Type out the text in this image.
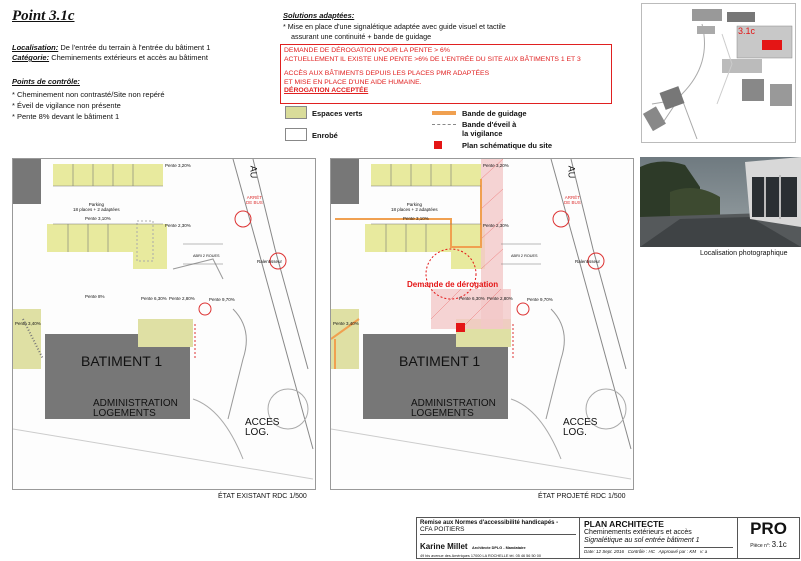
Point 3.1c
Localisation: De l'entrée du terrain à l'entrée du bâtiment 1
Catégorie: Cheminements extérieurs et accès au bâtiment
Points de contrôle:
* Cheminement non contrasté/Site non repéré
* Éveil de vigilance non présente
* Pente 8% devant le bâtiment 1
Solutions adaptées:
* Mise en place d'une signalétique adaptée avec guide visuel et tactile
assurant une continuité + bande de guidage
DEMANDE DE DÉROGATION POUR LA PENTE > 6%
ACTUELLEMENT IL EXISTE UNE PENTE >6% DE L'ENTRÉE DU SITE AUX BÂTIMENTS 1 ET 3
ACCÈS AUX BÂTIMENTS DEPUIS LES PLACES PMR ADAPTÉES
ET MISE EN PLACE D'UNE AIDE HUMAINE.
DÉROGATION ACCEPTÉE
Espaces verts
Enrobé
Bande de guidage
Bande d'éveil à
la vigilance
Plan schématique du site
3.1c
BATIMENT 1
ADMINISTRATION
LOGEMENTS
ACCES
LOG.
Parking
18 places + 2 adaptées
Pente 3,10%
Pente 3,20%
Pente 2,30%
Pente 8%	Pente 6,30% Pente 2,80%	Pente 9,70%
Pente 3,40%
ARRÊT
DE BUS
Ralentisseur
ABRI 2 ROUES
AU
ÉTAT EXISTANT RDC 1/500
Demande de dérogation
BATIMENT 1
ADMINISTRATION
LOGEMENTS
ACCES
LOG.
Parking
18 places + 2 adaptées
Pente 3,10%
Pente 3,20%
Pente 2,30%
Pente 6,30% Pente 2,80%	Pente 9,70%
Pente 3,40%
ARRÊT
DE BUS
Ralentisseur
ABRI 2 ROUES
AU
ÉTAT PROJETÉ RDC 1/500
Localisation photographique
Remise aux Normes d'accessibilité handicapés -
CFA POITIERS
Karine Millet Architecte DPLG - Mandataire
49 bis avenue des Amériques 17000 LA ROCHELLE tél. 05 46 56 50 00
PLAN ARCHITECTE
Cheminements extérieurs et accès
Signalétique au sol entrée bâtiment 1
Date: 12 Sept. 2016 Contrôle : HC Approuvé par : KM v: a
PRO
Pièce n°: 3.1c
